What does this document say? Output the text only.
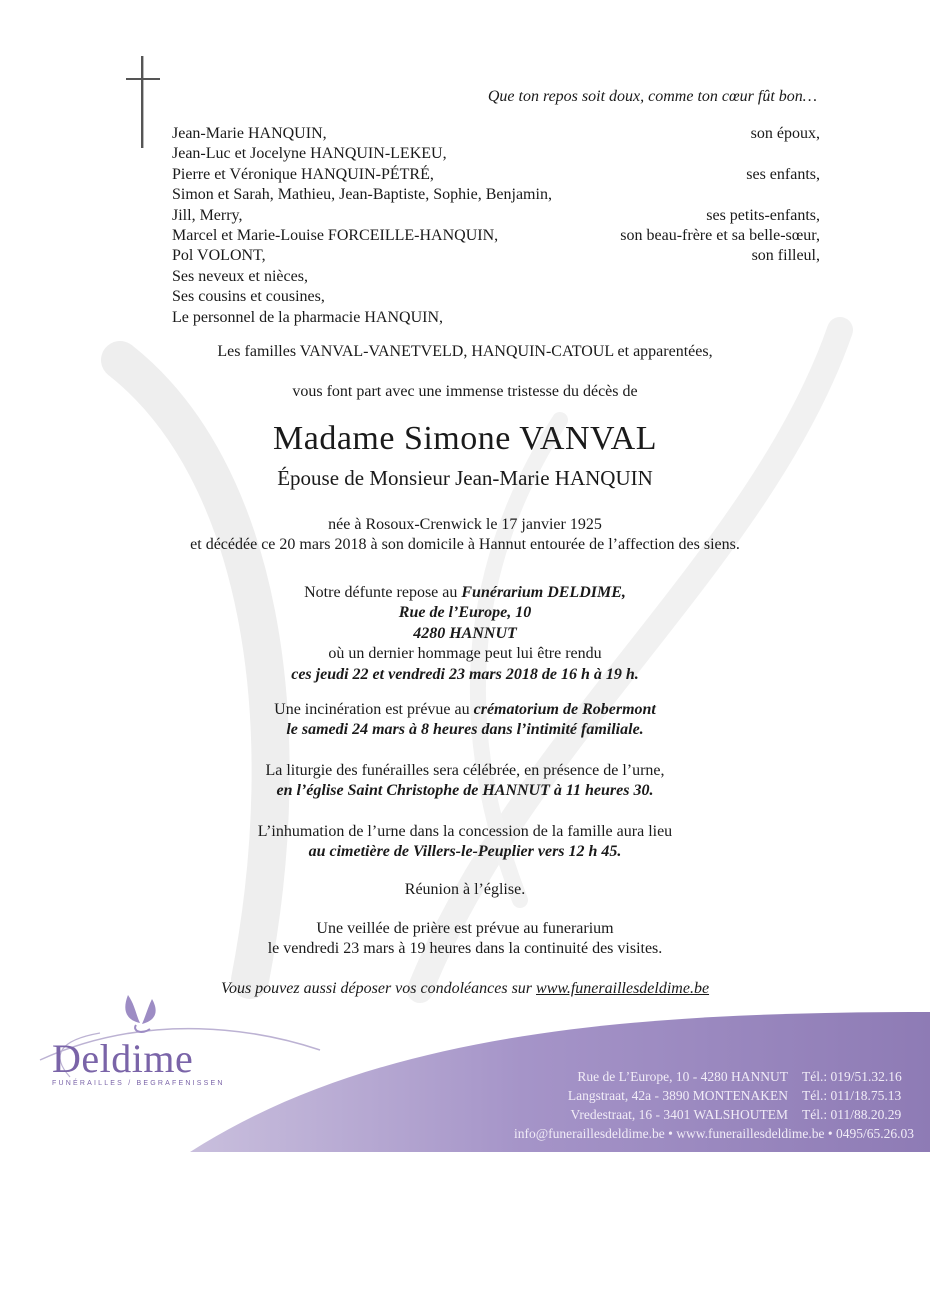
Que ton repos soit doux, comme ton cœur fût bon…

Jean-Marie HANQUIN,	son époux,
Jean-Luc et Jocelyne HANQUIN-LEKEU,
Pierre et Véronique HANQUIN-PÉTRÉ,	ses enfants,
Simon et Sarah, Mathieu, Jean-Baptiste, Sophie, Benjamin,
Jill, Merry,	ses petits-enfants,
Marcel et Marie-Louise FORCEILLE-HANQUIN,	son beau-frère et sa belle-sœur,
Pol VOLONT,	son filleul,
Ses neveux et nièces,
Ses cousins et cousines,
Le personnel de la pharmacie HANQUIN,
Les familles VANVAL-VANETVELD, HANQUIN-CATOUL et apparentées,
vous font part avec une immense tristesse du décès de
Madame Simone VANVAL
Épouse de Monsieur Jean-Marie HANQUIN
née à Rosoux-Crenwick le 17 janvier 1925
et décédée ce 20 mars 2018 à son domicile à Hannut entourée de l’affection des siens.
Notre défunte repose au Funérarium DELDIME,
Rue de l’Europe, 10
4280 HANNUT
où un dernier hommage peut lui être rendu
ces jeudi 22 et vendredi 23 mars 2018 de 16 h à 19 h.
Une incinération est prévue au crématorium de Robermont
le samedi 24 mars à 8 heures dans l’intimité familiale.
La liturgie des funérailles sera célébrée, en présence de l’urne,
en l’église Saint Christophe de HANNUT à 11 heures 30.
L’inhumation de l’urne dans la concession de la famille aura lieu
au cimetière de Villers-le-Peuplier vers 12 h 45.
Réunion à l’église.
Une veillée de prière est prévue au funerarium
le vendredi 23 mars à 19 heures dans la continuité des visites.
Vous pouvez aussi déposer vos condoléances sur www.funeraillesdeldime.be
Deldime
FUNÉRAILLES / BEGRAFENISSEN	Rue de L’Europe, 10 - 4280 HANNUT	Tél.: 019/51.32.16
Langstraat, 42a - 3890 MONTENAKEN	Tél.: 011/18.75.13
Vredestraat, 16 - 3401 WALSHOUTEM	Tél.: 011/88.20.29
info@funeraillesdeldime.be • www.funeraillesdeldime.be • 0495/65.26.03
